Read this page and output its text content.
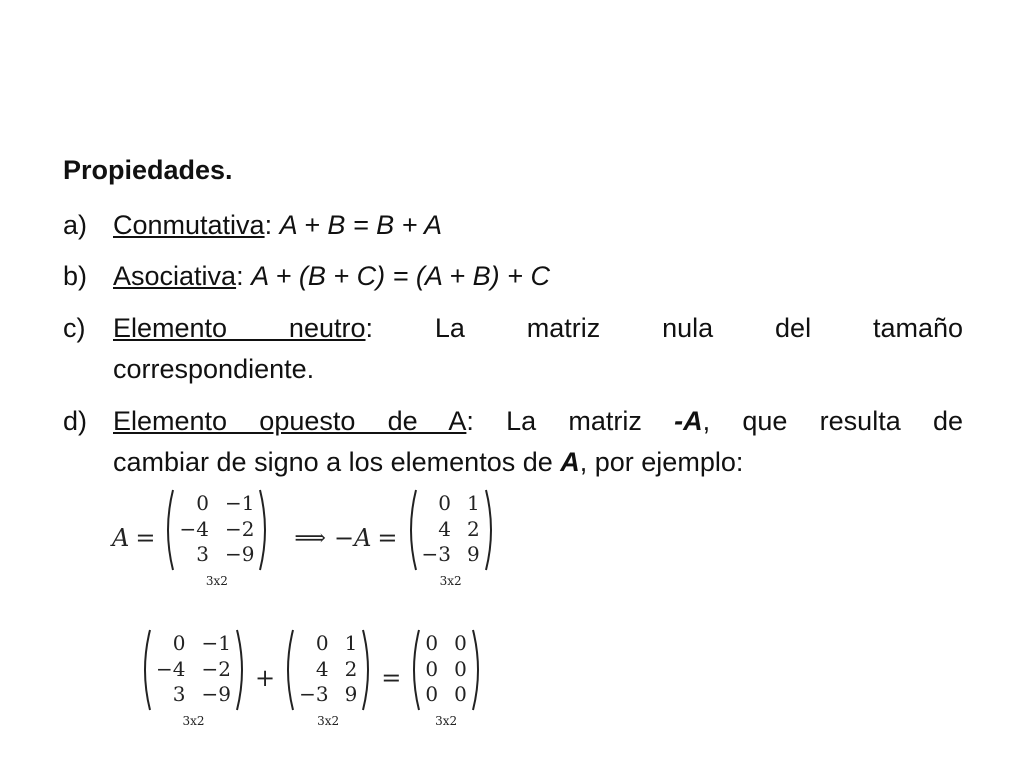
Propiedades.
a) Conmutativa: A + B = B + A
b) Asociativa: A + (B + C) = (A + B) + C
c) Elemento neutro: La matriz nula del tamaño
correspondiente.
d) Elemento opuesto de A: La matriz -A, que resulta de
cambiar de signo a los elementos de A, por ejemplo:
A =
0 −1
−4 −2
3 −9
3x2
⟹ −A =
0 1
4 2
−3 9
3x2
0 −1
−4 −2
3 −9
3x2
+
0 1
4 2
−3 9
3x2
=
0 0
0 0
0 0
3x2
